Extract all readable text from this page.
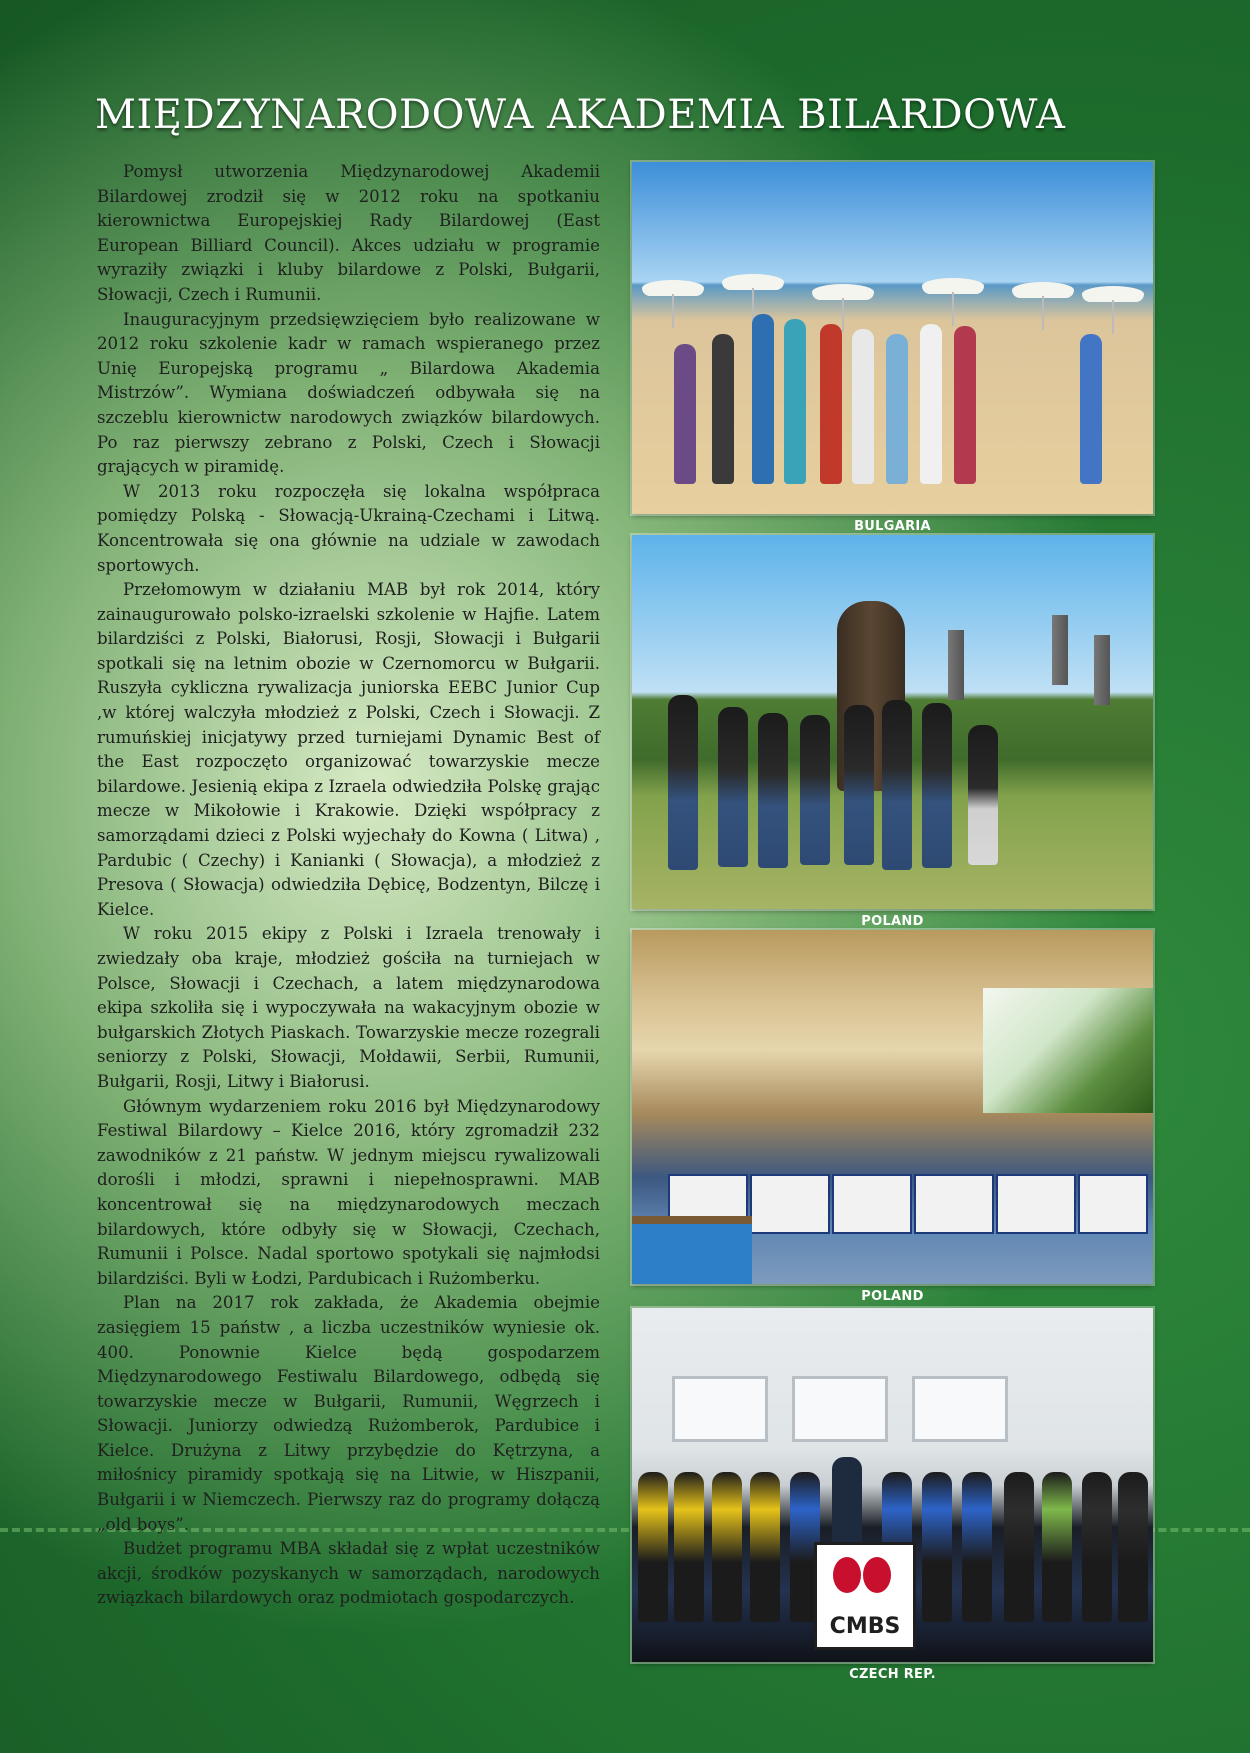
MIĘDZYNARODOWA AKADEMIA BILARDOWA

Pomysł utworzenia Międzynarodowej Akademii Bilardowej zrodził się w 2012 roku na spotkaniu kierownictwa Europejskiej Rady Bilardowej (East European Billiard Council). Akces udziału w programie wyraziły związki i kluby bilardowe z Polski, Bułgarii, Słowacji, Czech i Rumunii.

Inauguracyjnym przedsięwzięciem było realizowane w 2012 roku szkolenie kadr w ramach wspieranego przez Unię Europejską programu „ Bilardowa Akademia Mistrzów”. Wymiana doświadczeń odbywała się na szczeblu kierownictw narodowych związków bilardowych. Po raz pierwszy zebrano z Polski, Czech i Słowacji grających w piramidę.

W 2013 roku rozpoczęła się lokalna współpraca pomiędzy Polską - Słowacją-Ukrainą-Czechami i Litwą. Koncentrowała się ona głównie na udziale w zawodach sportowych.

Przełomowym w działaniu MAB był rok 2014, który zainaugurowało polsko-izraelski szkolenie w Hajfie. Latem bilardziści z Polski, Białorusi, Rosji, Słowacji i Bułgarii spotkali się na letnim obozie w Czernomorcu w Bułgarii. Ruszyła cykliczna rywalizacja juniorska EEBC Junior Cup ,w której walczyła młodzież z Polski, Czech i Słowacji. Z rumuńskiej inicjatywy przed turniejami Dynamic Best of the East rozpoczęto organizować towarzyskie mecze bilardowe. Jesienią ekipa z Izraela odwiedziła Polskę grając mecze w Mikołowie i Krakowie. Dzięki współpracy z samorządami dzieci z Polski wyjechały do Kowna ( Litwa) , Pardubic ( Czechy) i Kanianki ( Słowacja), a młodzież z Presova ( Słowacja) odwiedziła Dębicę, Bodzentyn, Bilczę i Kielce.

W roku 2015 ekipy z Polski i Izraela trenowały i zwiedzały oba kraje, młodzież gościła na turniejach w Polsce, Słowacji i Czechach, a latem międzynarodowa ekipa szkoliła się i wypoczywała na wakacyjnym obozie w bułgarskich Złotych Piaskach. Towarzyskie mecze rozegrali seniorzy z Polski, Słowacji, Mołdawii, Serbii, Rumunii, Bułgarii, Rosji, Litwy i Białorusi.

Głównym wydarzeniem roku 2016 był Międzynarodowy Festiwal Bilardowy – Kielce 2016, który zgromadził 232 zawodników z 21 państw. W jednym miejscu rywalizowali dorośli i młodzi, sprawni i niepełnosprawni. MAB koncentrował się na międzynarodowych meczach bilardowych, które odbyły się w Słowacji, Czechach, Rumunii i Polsce. Nadal sportowo spotykali się najmłodsi bilardziści. Byli w Łodzi, Pardubicach i Rużomberku.

Plan na 2017 rok zakłada, że Akademia obejmie zasięgiem 15 państw , a liczba uczestników wyniesie ok. 400. Ponownie Kielce będą gospodarzem Międzynarodowego Festiwalu Bilardowego, odbędą się towarzyskie mecze w Bułgarii, Rumunii, Węgrzech i Słowacji. Juniorzy odwiedzą Rużomberok, Pardubice i Kielce. Drużyna z Litwy przybędzie do Kętrzyna, a miłośnicy piramidy spotkają się na Litwie, w Hiszpanii, Bułgarii i w Niemczech. Pierwszy raz do programy dołączą „old boys”.

Budżet programu MBA składał się z wpłat uczestników akcji, środków pozyskanych w samorządach, narodowych związkach bilardowych oraz podmiotach gospodarczych.

BULGARIA
POLAND
POLAND
CMBS
CZECH REP.
